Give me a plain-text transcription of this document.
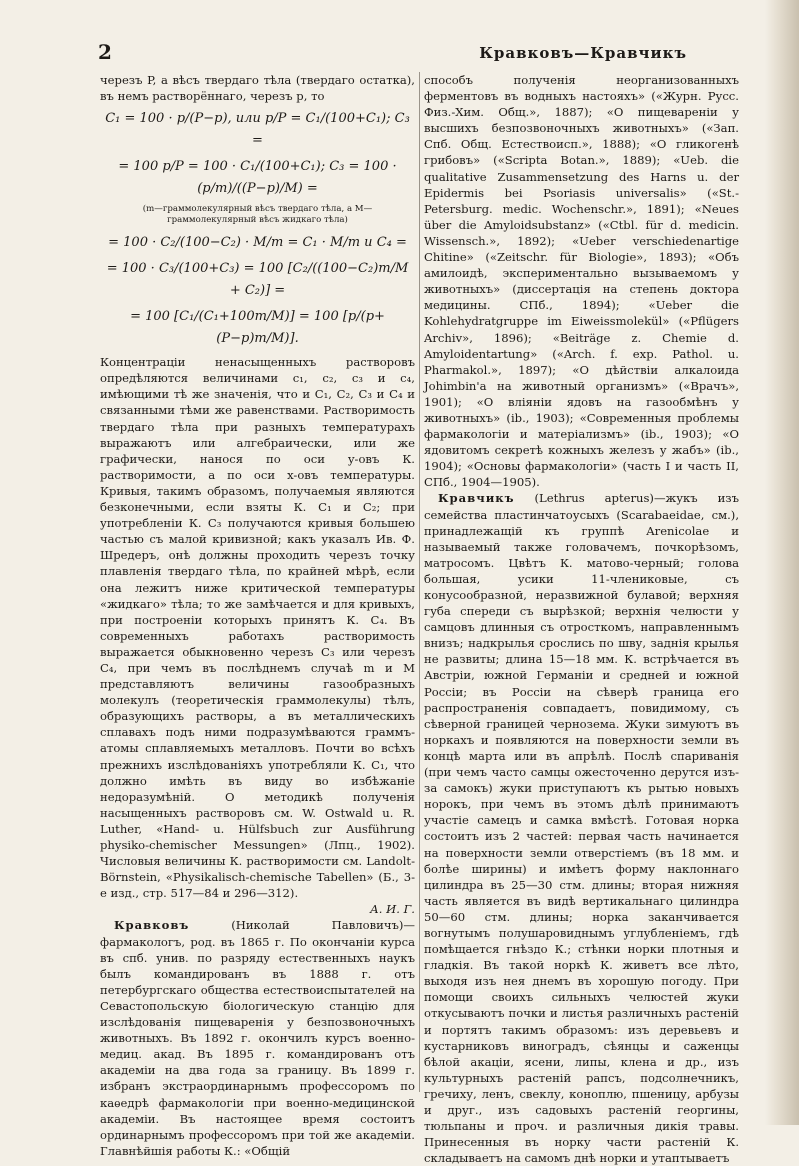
2	Кравковъ—Кравчикъ

черезъ P, а вѣсъ твердаго тѣла (твердаго остатка), въ немъ растворённаго, черезъ p, то

C₁ = 100 · p/(P−p), или p/P = C₁/(100+C₁); C₃ =
= 100 p/P = 100 · C₁/(100+C₁); C₃ = 100 · (p/m)/((P−p)/M) =
(m—граммолекулярный вѣсъ твердаго тѣла, а M—граммолекулярный вѣсъ жидкаго тѣла)
= 100 · C₂/(100−C₂) · M/m = C₁ · M/m и C₄ =
= 100 · C₃/(100+C₃) = 100 [C₂/((100−C₂)m/M + C₂)] =
= 100 [C₁/(C₁+100m/M)] = 100 [p/(p+(P−p)m/M)].

Концентраціи ненасыщенныхъ растворовъ опредѣляются величинами c₁, c₂, c₃ и c₄, имѣющими тѣ же значенія, что и C₁, C₂, C₃ и C₄ и связанными тѣми же равенствами. Растворимость твердаго тѣла при разныхъ температурахъ выражаютъ или алгебраически, или же графически, нанося по оси y-овъ К. растворимости, а по оси x-овъ температуры. Кривыя, такимъ образомъ, получаемыя являются безконечными, если взяты К. C₁ и C₂; при употребленіи К. C₃ получаются кривыя большею частью съ малой кривизной; какъ указалъ Ив. Ф. Шредеръ, онѣ должны проходить черезъ точку плавленія твердаго тѣла, по крайней мѣрѣ, если она лежитъ ниже критической температуры «жидкаго» тѣла; то же замѣчается и для кривыхъ, при построеніи которыхъ принятъ К. C₄. Въ современныхъ работахъ растворимость выражается обыкновенно черезъ C₃ или черезъ C₄, при чемъ въ послѣднемъ случаѣ m и M представляютъ величины газообразныхъ молекулъ (теоретическія граммолекулы) тѣлъ, образующихъ растворы, а въ металлическихъ сплавахъ подъ ними подразумѣваются граммъ-атомы сплавляемыхъ металловъ. Почти во всѣхъ прежнихъ изслѣдованіяхъ употребляли К. C₁, что должно имѣть въ виду во избѣжаніе недоразумѣній. О методикѣ полученія насыщенныхъ растворовъ см. W. Ostwald u. R. Luther, «Hand- u. Hülfsbuch zur Ausführung physiko-chemischer Messungen» (Лпц., 1902). Числовыя величины К. растворимости см. Landolt-Börnstein, «Physikalisch-chemische Tabellen» (Б., 3-е изд., стр. 517—84 и 296—312).

А. И. Г.

Кравковъ	(Николай Павловичъ)—фармакологъ, род. въ 1865 г. По окончаніи курса въ спб. унив. по разряду естественныхъ наукъ былъ командированъ въ 1888 г. отъ петербургскаго общества естествоиспытателей на Севастопольскую біологическую станцію для изслѣдованія пищеваренія у безпозвоночныхъ животныхъ. Въ 1892 г. окончилъ курсъ военно-медиц. акад. Въ 1895 г. командированъ отъ академіи на два года за границу. Въ 1899 г. избранъ экстраординарнымъ профессоромъ по каѳедрѣ фармакологіи при военно-медицинской академіи. Въ настоящее время состоитъ ординарнымъ профессоромъ при той же академіи. Главнѣйшія работы К.: «Общій

способъ полученія неорганизованныхъ ферментовъ въ водныхъ настояхъ» («Журн. Русс. Физ.-Хим. Общ.», 1887); «О пищевареніи у высшихъ безпозвоночныхъ животныхъ» («Зап. Спб. Общ. Естествоисп.», 1888); «О гликогенѣ грибовъ» («Scripta Botan.», 1889); «Ueb. die qualitative Zusammensetzung des Harns u. der Epidermis bei Psoriasis universalis» («St.-Petersburg. medic. Wochenschr.», 1891); «Neues über die Amyloidsubstanz» («Ctbl. für d. medicin. Wissensch.», 1892); «Ueber verschiedenartige Chitine» («Zeitschr. für Biologie», 1893); «Объ амилоидѣ, экспериментально вызываемомъ у животныхъ» (диссертація на степень доктора медицины. СПб., 1894); «Ueber die Kohlehydratgruppe im Eiweissmolekül» («Pflügers Archiv», 1896); «Beiträge z. Chemie d. Amyloidentartung» («Arch. f. exp. Pathol. u. Pharmakol.», 1897); «О дѣйствіи алкалоида Johimbin'а на животный организмъ» («Врачъ», 1901); «О вліяніи ядовъ на газообмѣнъ у животныхъ» (ib., 1903); «Современныя проблемы фармакологіи и матеріализмъ» (ib., 1903); «О ядовитомъ секретѣ кожныхъ железъ у жабъ» (ib., 1904); «Основы фармакологіи» (часть I и часть II, СПб., 1904—1905).

Кравчикъ (Lethrus apterus)—жукъ изъ семейства пластинчатоусыхъ (Scarabaeidae, см.), принадлежащій къ группѣ Arenicolae и называемый также головачемъ, почкорѣзомъ, матросомъ. Цвѣтъ К. матово-черный; голова большая, усики 11-члениковые, съ конусообразной, неразвижной булавой; верхняя губа спереди съ вырѣзкой; верхнія челюсти у самцовъ длинныя съ отросткомъ, направленнымъ внизъ; надкрылья срослись по шву, заднія крылья не развиты; длина 15—18 мм. К. встрѣчается въ Австріи, южной Германіи и средней и южной Россіи; въ Россіи на сѣверѣ граница его распространенія совпадаетъ, повидимому, съ сѣверной границей черноземa. Жуки зимуютъ въ норкахъ и появляются на поверхности земли въ концѣ марта или въ апрѣлѣ. Послѣ спариванія (при чемъ часто самцы ожесточенно дерутся изъ-за самокъ) жуки приступаютъ къ рытью новыхъ норокъ, при чемъ въ этомъ дѣлѣ принимаютъ участіе самецъ и самка вмѣстѣ. Готовая норка состоитъ изъ 2 частей: первая часть начинается на поверхности земли отверстіемъ (въ 18 мм. и болѣе ширины) и имѣетъ форму наклоннаго цилиндра въ 25—30 стм. длины; вторая нижняя часть является въ видѣ вертикальнаго цилиндра 50—60 стм. длины; норка заканчивается вогнутымъ полушаровиднымъ углубленіемъ, гдѣ помѣщается гнѣздо К.; стѣнки норки плотныя и гладкія. Въ такой норкѣ К. живетъ все лѣто, выходя изъ нея днемъ въ хорошую погоду. При помощи своихъ сильныхъ челюстей жуки откусываютъ почки и листья различныхъ растеній и портятъ такимъ образомъ: изъ деревьевъ и кустарниковъ виноградъ, сѣянцы и саженцы бѣлой акаціи, ясени, липы, клена и др., изъ культурныхъ растеній рапсъ, подсолнечникъ, гречиху, ленъ, свеклу, коноплю, пшеницу, арбузы и друг., изъ садовыхъ растеній георгины, тюльпаны и проч. и различныя дикія травы. Принесенныя въ норку части растеній К. складываетъ на самомъ днѣ норки и утаптываетъ
